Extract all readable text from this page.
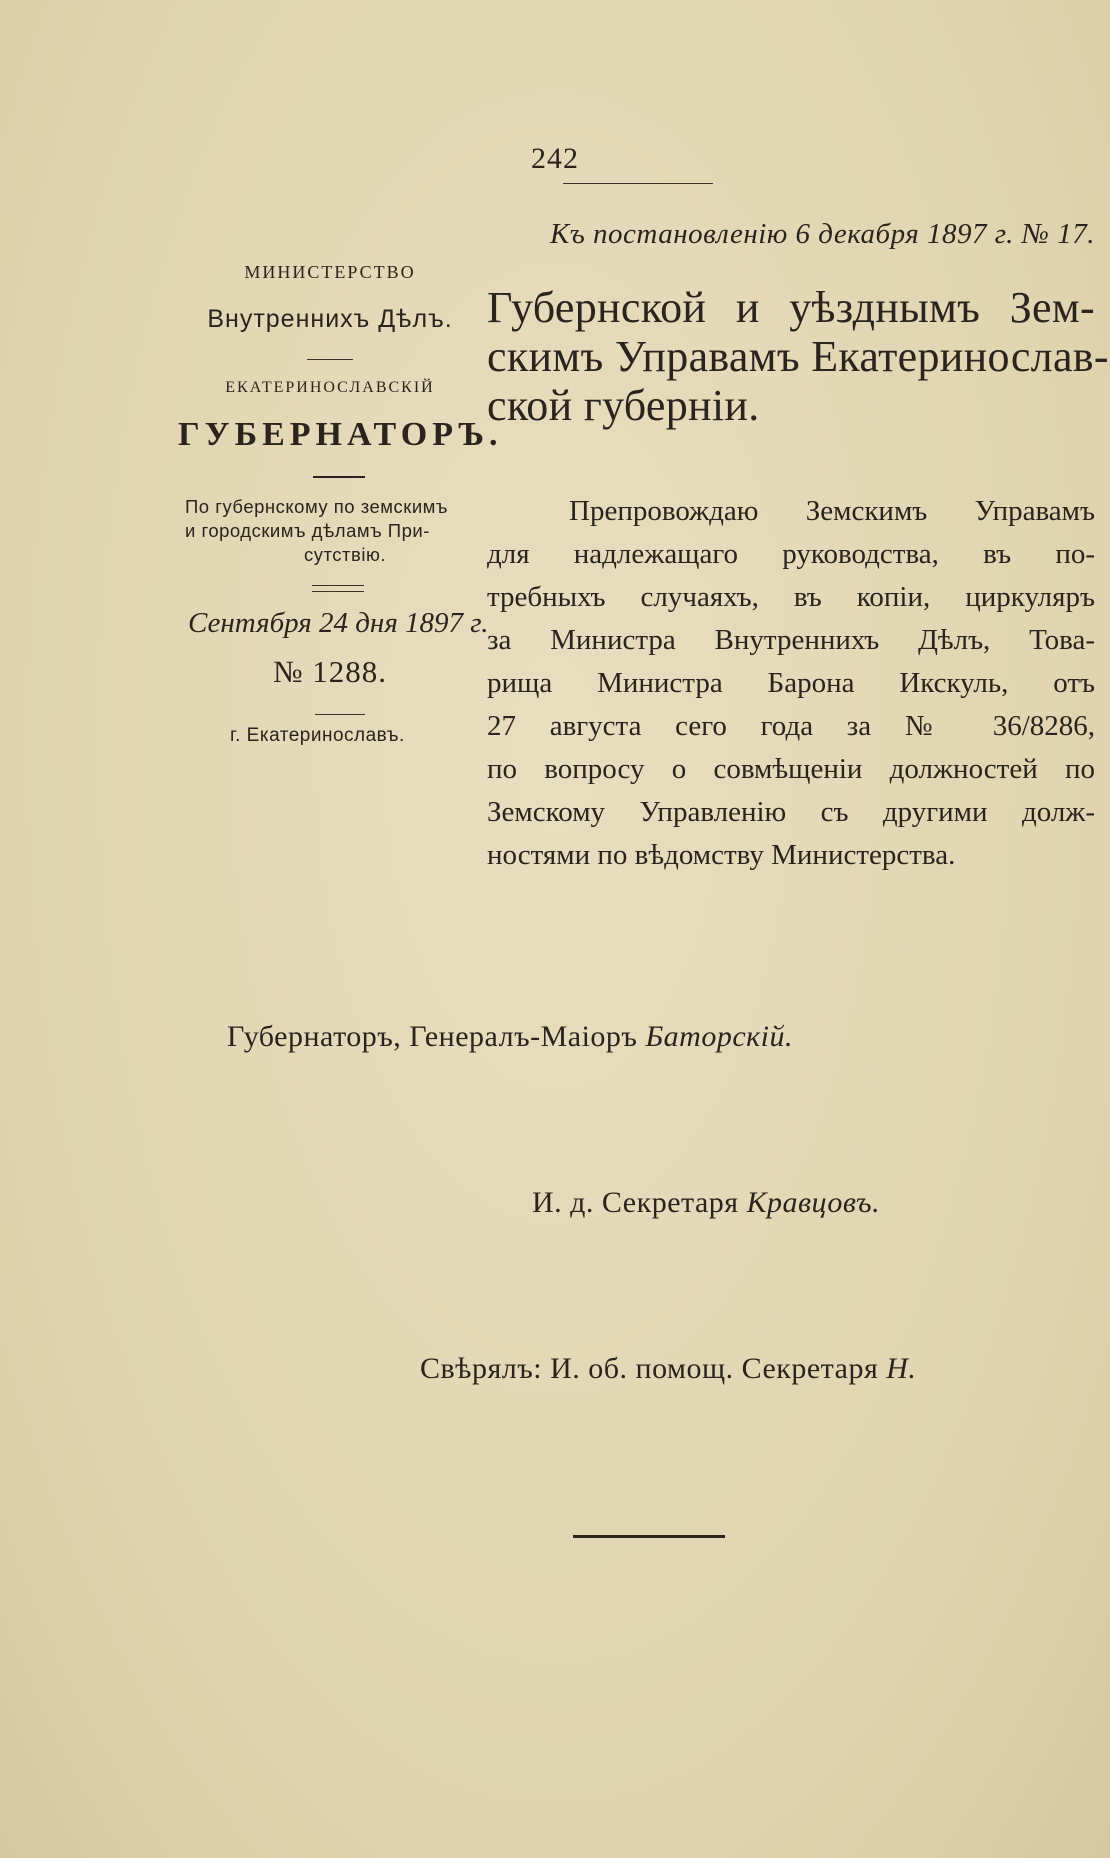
242
Къ постановленію 6 декабря 1897 г. № 17.
МИНИСТЕРСТВО
Внутреннихъ Дѣлъ.
ЕКАТЕРИНОСЛАВСКІЙ
ГУБЕРНАТОРЪ.
По губернскому по земскимъ
и городскимъ дѣламъ При-

сутствію.
Сентября 24 дня 1897 г.
№ 1288.
г. Екатеринославъ.
Губернской и уѣзднымъ Зем-
скимъ Управамъ Екатеринослав-
ской губерніи.
Препровождаю Земскимъ Управамъ
для надлежащаго руководства, въ по-
требныхъ случаяхъ, въ копіи, циркуляръ
за Министра Внутреннихъ Дѣлъ, Това-
рища Министра Барона Икскуль, отъ
27 августа сего года за № 36/8286,
по вопросу о совмѣщеніи должностей по
Земскому Управленію съ другими долж-
ностями по вѣдомству Министерства.
Губернаторъ, Генералъ-Маіоръ Баторскій.
И. д. Секретаря Кравцовъ.
Свѣрялъ: И. об. помощ. Секретаря Н.
